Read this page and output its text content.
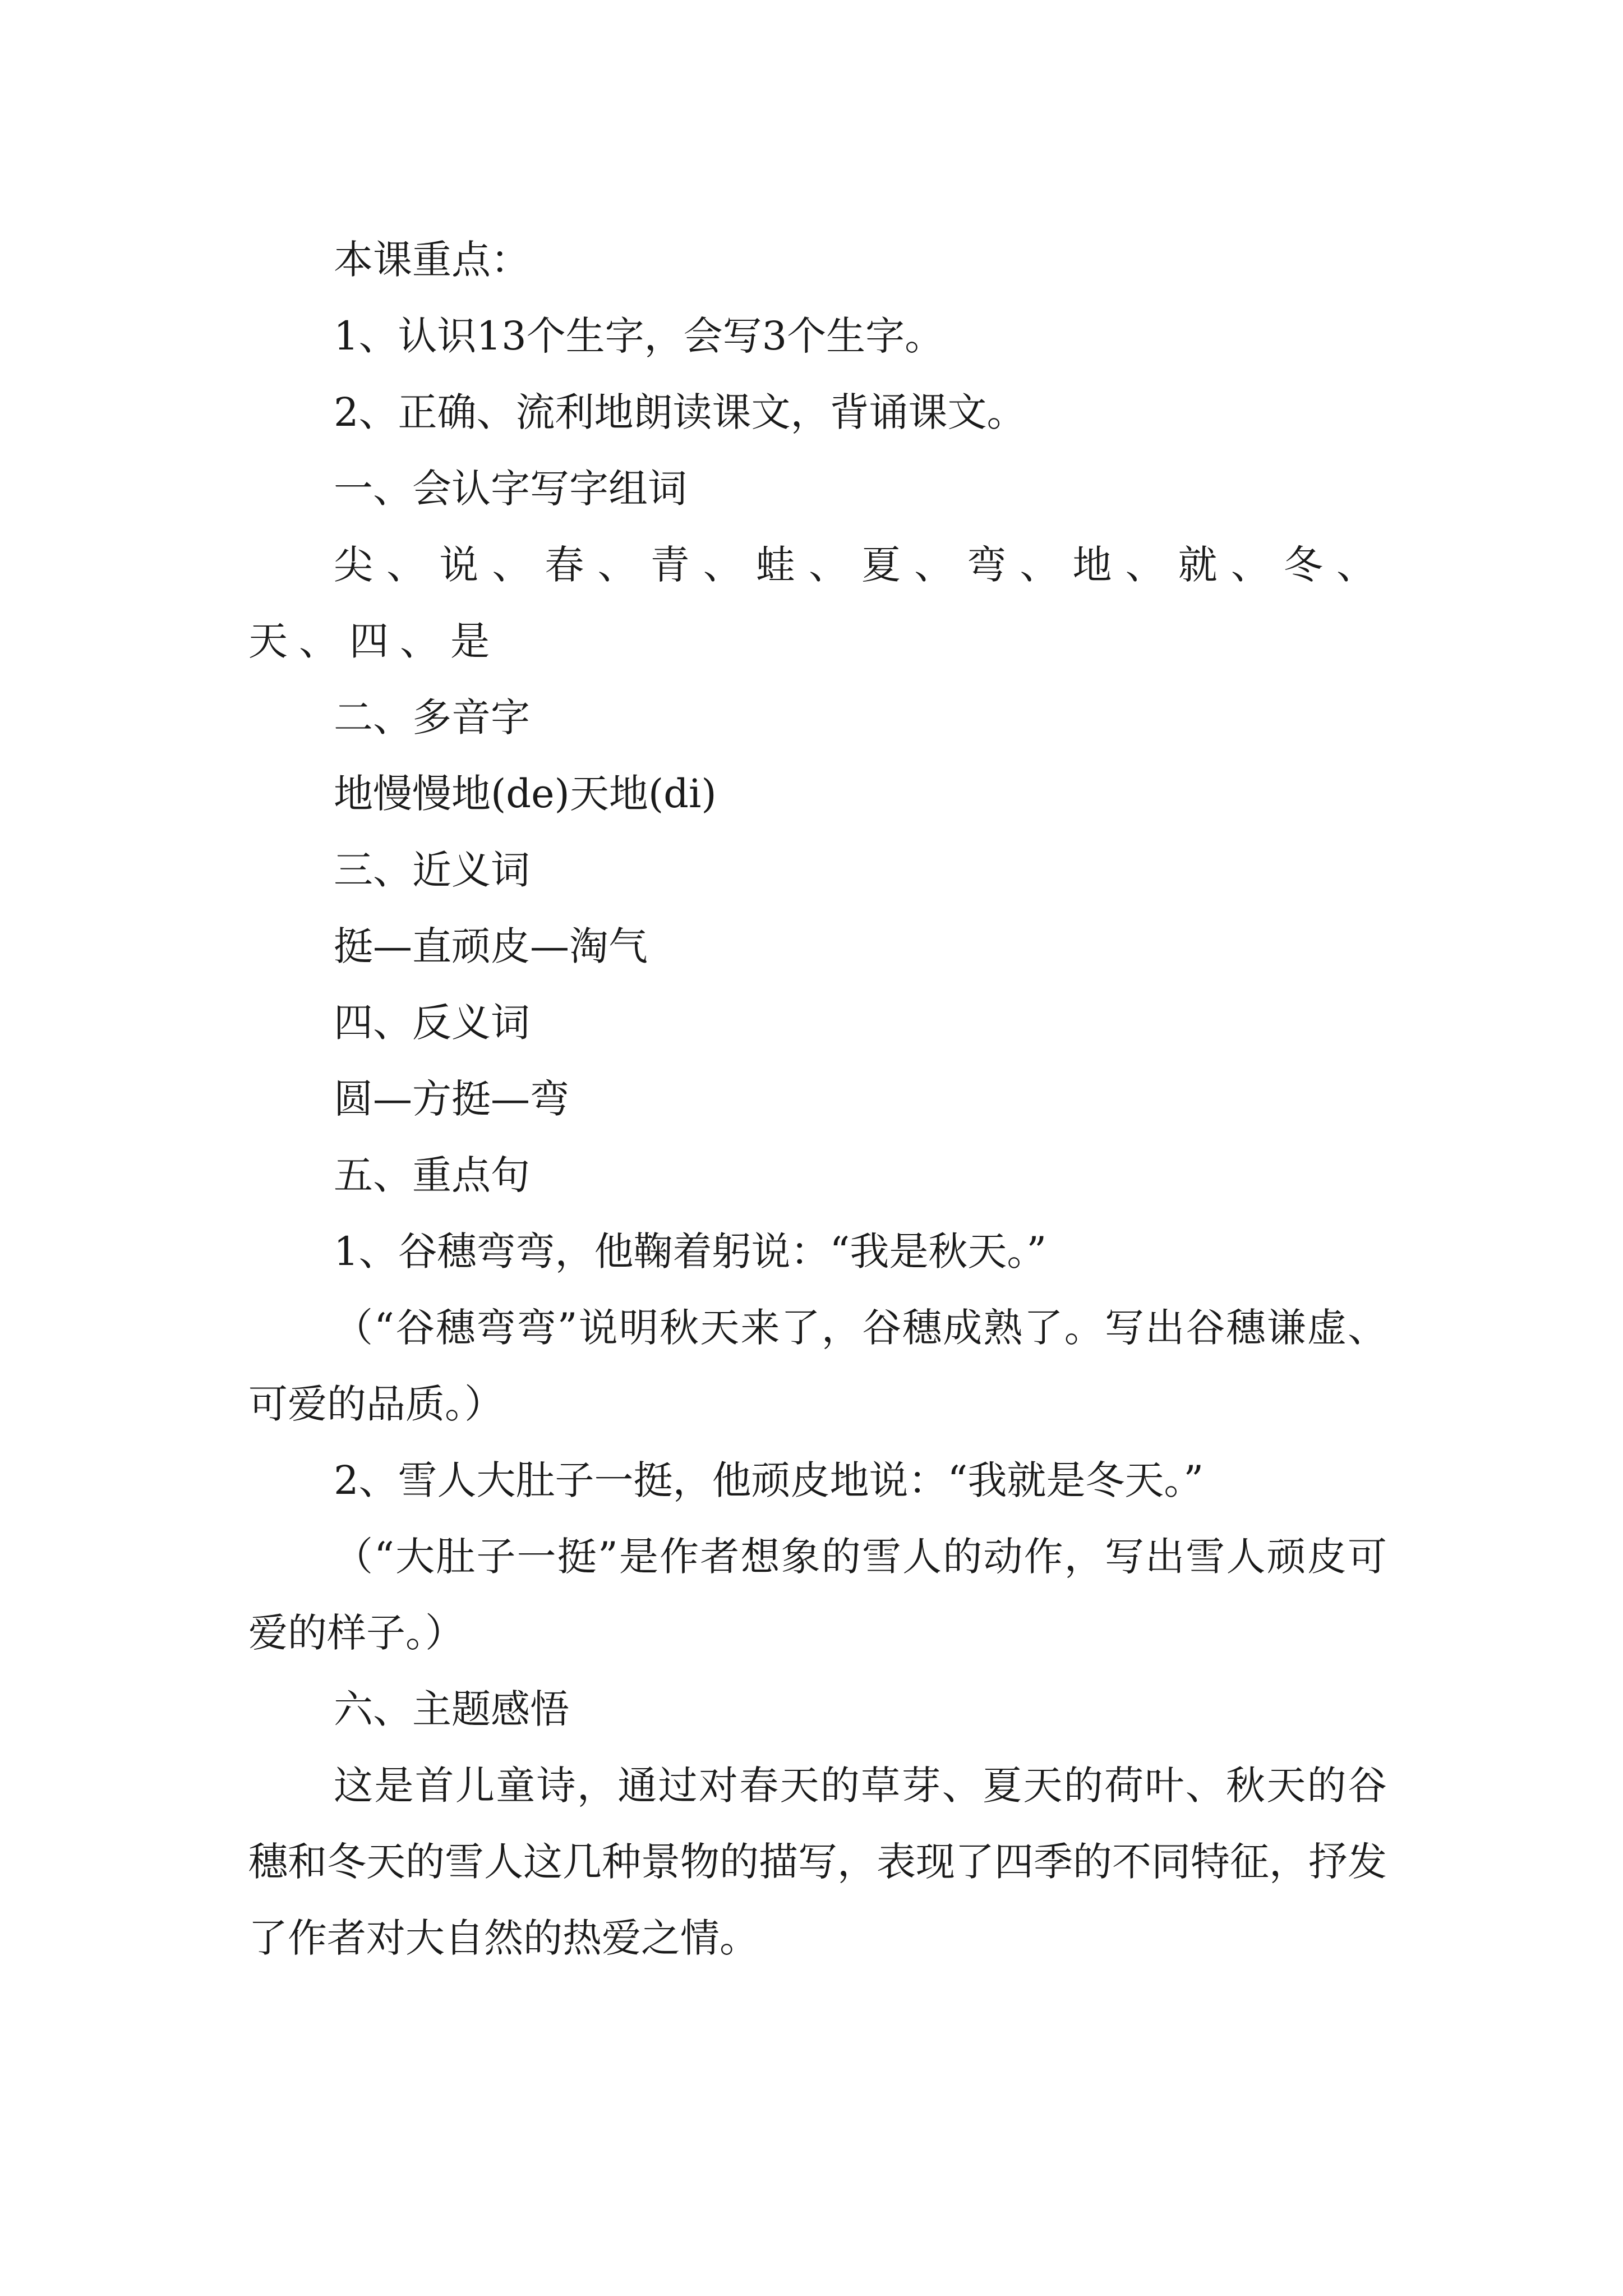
本课重点：

1、认识13个生字，会写3个生字。

2、正确、流利地朗读课文，背诵课文。

一、会认字写字组词

尖、说、春、青、蛙、夏、弯、地、就、冬、天、四、是

二、多音字

地慢慢地(de)天地(di)

三、近义词

挺—直顽皮—淘气

四、反义词

圆—方挺—弯

五、重点句

1、谷穗弯弯，他鞠着躬说：“我是秋天。”

（“谷穗弯弯”说明秋天来了，谷穗成熟了。写出谷穗谦虚、可爱的品质。）

2、雪人大肚子一挺，他顽皮地说：“我就是冬天。”

（“大肚子一挺”是作者想象的雪人的动作，写出雪人顽皮可爱的样子。）

六、主题感悟

这是首儿童诗，通过对春天的草芽、夏天的荷叶、秋天的谷穗和冬天的雪人这几种景物的描写，表现了四季的不同特征，抒发了作者对大自然的热爱之情。
